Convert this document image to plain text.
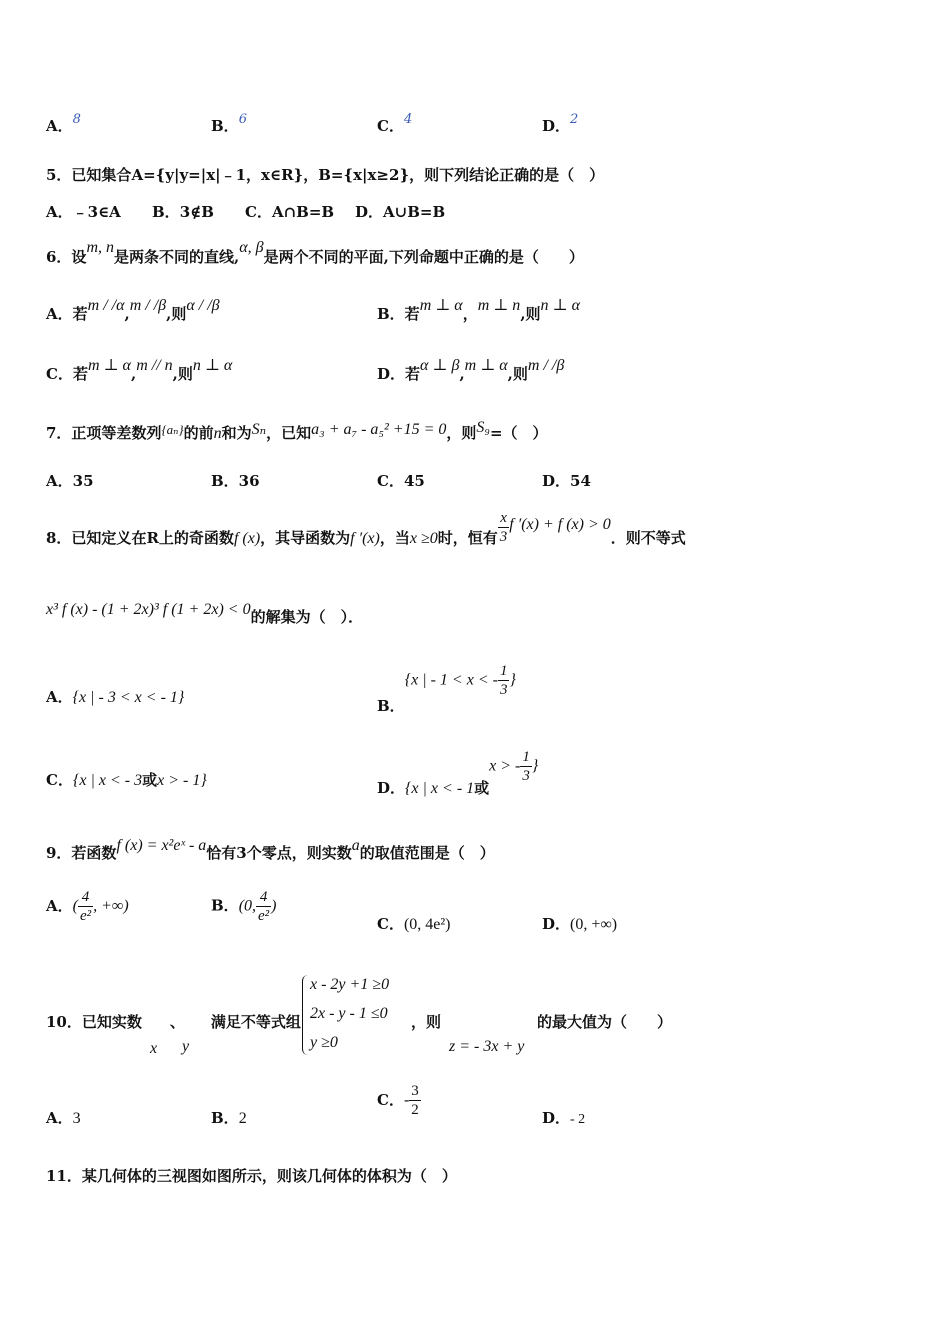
A．8	B．6	C．4	D．2
5．已知集合A={y|y=|x|﹣1，x∈R}，B={x|x≥2}，则下列结论正确的是（　）
A．﹣3∈A B．3∉B C．A∩B=B D．A∪B=B
6．设m, n是两条不同的直线,α, β是两个不同的平面,下列命题中正确的是（　　）
A．若m / /α,m / /β,则α / /β	B．若m ⊥ α，m ⊥ n,则n ⊥ α
C．若m ⊥ α,m // n,则n ⊥ α	D．若α ⊥ β,m ⊥ α,则m / /β
7．正项等差数列{aₙ}的前n和为Sₙ，已知a₃ + a₇ - a₅² +15 = 0，则S₉=（　）
A．35	B．36	C．45	D．54
8．已知定义在R上的奇函数f (x)，其导函数为f ′(x)，当x ≥0时，恒有 $\frac{x}{3}$ f ′(x) + f (x) > 0．则不等式
x³ f (x) - (1 + 2x)³ f (1 + 2x) < 0的解集为（　）．
A．{x | - 3 < x < - 1}	B．{x | - 1 < x < - $\frac{1}{3}$ }
C．{x | x < - 3或x > - 1}	D．{x | x < - 1或x > - $\frac{1}{3}$ }
9．若函数f (x) = x²eˣ - a恰有3个零点，则实数a的取值范围是（　）
A．( $\frac{4}{\text{e²}}$ , +∞)	B．(0, $\frac{4}{\text{e²}}$ )
C．(0, 4e²)	D．(0, +∞)
10．已知实数 、 满足不等式组
x y
x - 2y +1 ≥0
2x - y - 1 ≤0
y ≥0
，则
z = - 3x + y
的最大值为（　　）
A．3	B．2
C．- $\frac{3}{2}$	D．- 2
11．某几何体的三视图如图所示，则该几何体的体积为（　）
